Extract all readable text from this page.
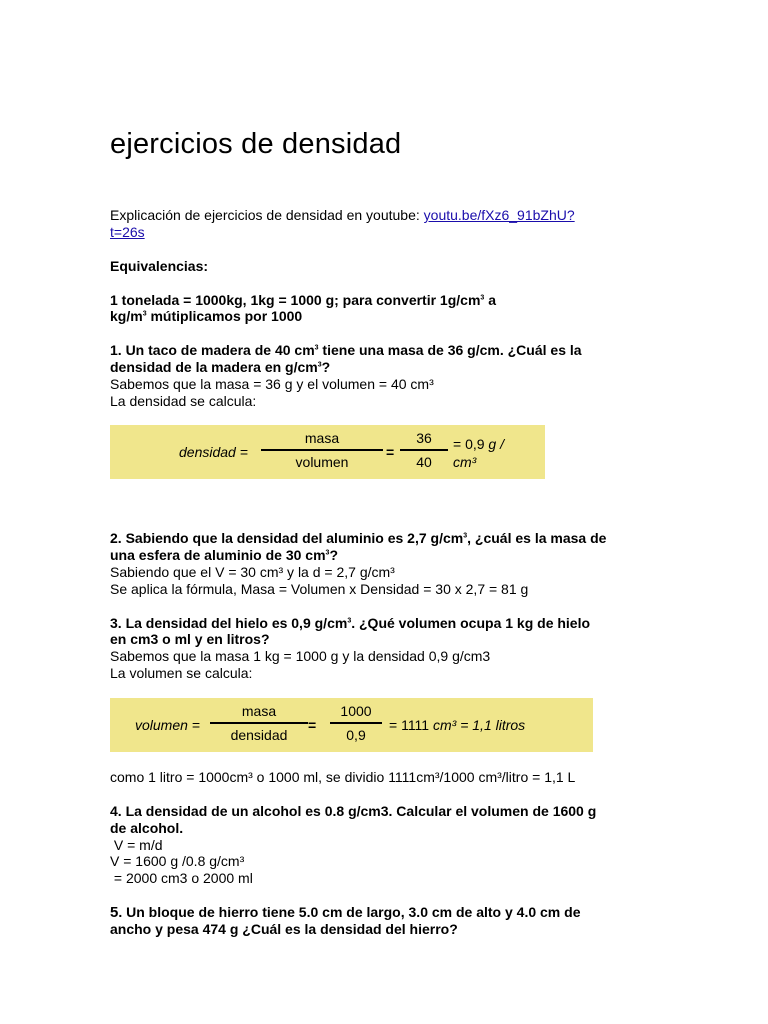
ejercicios de densidad
Explicación de ejercicios de densidad en youtube: youtu.be/fXz6_91bZhU?
t=26s
Equivalencias:
1 tonelada = 1000kg, 1kg = 1000 g; para convertir $1g/cm^3$ a
$kg/m^3$ mútiplicamos por 1000
1. Un taco de madera de 40 $cm^3$ tiene una masa de 36 g/cm. ¿Cuál es la
densidad de la madera en $g/cm^3$?
Sabemos que la masa = 36 g y el volumen = 40 cm³
La densidad se calcula:
densidad =
masa
volumen
=
36
40
= 0,9 g /
cm³
2. Sabiendo que la densidad del aluminio es 2,7 $g/cm^3$, ¿cuál es la masa de
una esfera de aluminio de 30 $cm^3$?
Sabiendo que el V = 30 cm³ y la d = 2,7 g/cm³
Se aplica la fórmula, Masa = Volumen x Densidad = 30 x 2,7 = 81 g
3. La densidad del hielo es 0,9 $g/cm^3$. ¿Qué volumen ocupa 1 kg de hielo
en cm3 o ml y en litros?
Sabemos que la masa 1 kg = 1000 g y la densidad 0,9 g/cm3
La volumen se calcula:
volumen =
masa
densidad
=
1000
0,9
= 1111 cm³ = 1,1 litros
como 1 litro = 1000cm³ o 1000 ml, se dividio 1111cm³/1000 cm³/litro = 1,1 L
4. La densidad de un alcohol es 0.8 g/cm3. Calcular el volumen de 1600 g
de alcohol.
V = m/d
V = 1600 g /0.8 g/cm³
= 2000 cm3 o 2000 ml
5. Un bloque de hierro tiene 5.0 cm de largo, 3.0 cm de alto y 4.0 cm de
ancho y pesa 474 g ¿Cuál es la densidad del hierro?
